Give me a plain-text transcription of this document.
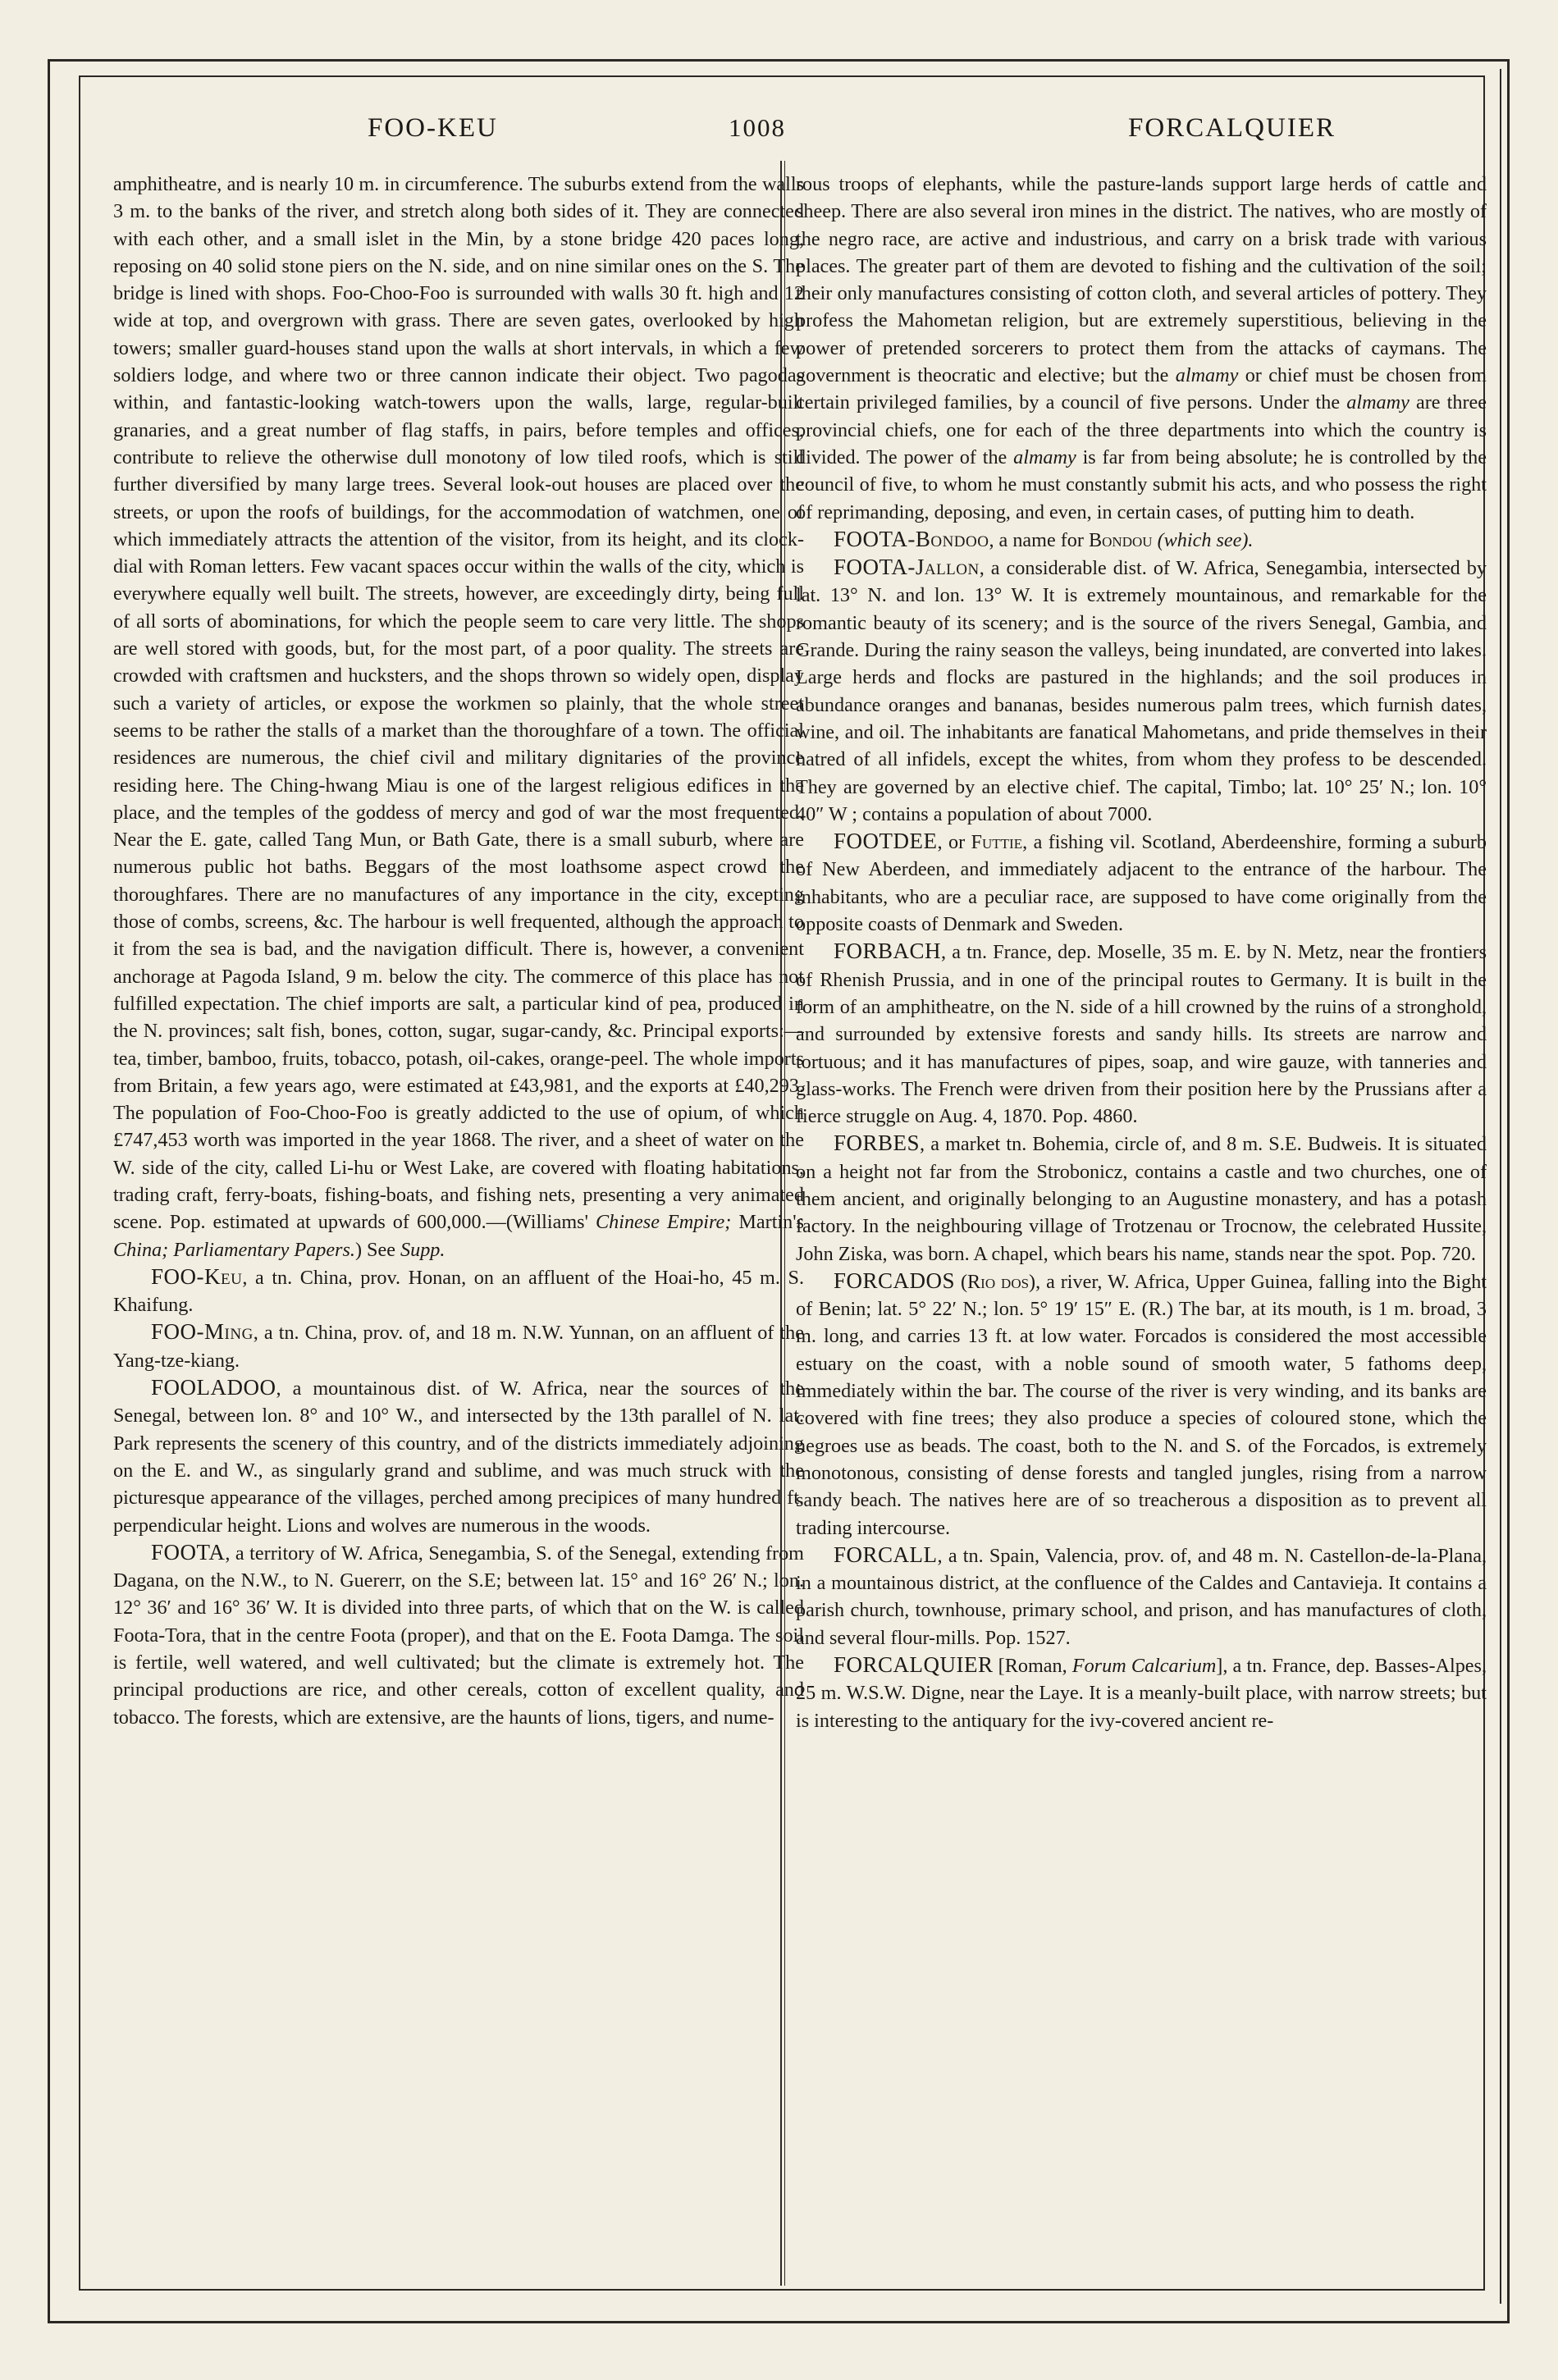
FOO-KEU	1008	FORCALQUIER

amphitheatre, and is nearly 10 m. in circumference. The suburbs extend from the walls 3 m. to the banks of the river, and stretch along both sides of it. They are connected with each other, and a small islet in the Min, by a stone bridge 420 paces long, reposing on 40 solid stone piers on the N. side, and on nine similar ones on the S. The bridge is lined with shops. Foo-Choo-Foo is surrounded with walls 30 ft. high and 12 wide at top, and overgrown with grass. There are seven gates, overlooked by high towers; smaller guard-houses stand upon the walls at short intervals, in which a few soldiers lodge, and where two or three cannon indicate their object. Two pagodas within, and fantastic-looking watch-towers upon the walls, large, regular-built granaries, and a great number of flag staffs, in pairs, before temples and offices, contribute to relieve the otherwise dull monotony of low tiled roofs, which is still further diversified by many large trees. Several look-out houses are placed over the streets, or upon the roofs of buildings, for the accommodation of watchmen, one of which immediately attracts the attention of the visitor, from its height, and its clock-dial with Roman letters. Few vacant spaces occur within the walls of the city, which is everywhere equally well built. The streets, however, are exceedingly dirty, being full of all sorts of abominations, for which the people seem to care very little. The shops are well stored with goods, but, for the most part, of a poor quality. The streets are crowded with craftsmen and hucksters, and the shops thrown so widely open, display such a variety of articles, or expose the workmen so plainly, that the whole street seems to be rather the stalls of a market than the thoroughfare of a town. The official residences are numerous, the chief civil and military dignitaries of the province residing here. The Ching-hwang Miau is one of the largest religious edifices in the place, and the temples of the goddess of mercy and god of war the most frequented. Near the E. gate, called Tang Mun, or Bath Gate, there is a small suburb, where are numerous public hot baths. Beggars of the most loathsome aspect crowd the thoroughfares. There are no manufactures of any importance in the city, excepting those of combs, screens, &c. The harbour is well frequented, although the approach to it from the sea is bad, and the navigation difficult. There is, however, a convenient anchorage at Pagoda Island, 9 m. below the city. The commerce of this place has not fulfilled expectation. The chief imports are salt, a particular kind of pea, produced in the N. provinces; salt fish, bones, cotton, sugar, sugar-candy, &c. Principal exports:—tea, timber, bamboo, fruits, tobacco, potash, oil-cakes, orange-peel. The whole imports from Britain, a few years ago, were estimated at £43,981, and the exports at £40,293. The population of Foo-Choo-Foo is greatly addicted to the use of opium, of which £747,453 worth was imported in the year 1868. The river, and a sheet of water on the W. side of the city, called Li-hu or West Lake, are covered with floating habitations, trading craft, ferry-boats, fishing-boats, and fishing nets, presenting a very animated scene. Pop. estimated at upwards of 600,000.—(Williams' Chinese Empire; Martin's China; Parliamentary Papers.) See Supp.

FOO-Keu, a tn. China, prov. Honan, on an affluent of the Hoai-ho, 45 m. S. Khaifung.

FOO-Ming, a tn. China, prov. of, and 18 m. N.W. Yunnan, on an affluent of the Yang-tze-kiang.

FOOLADOO, a mountainous dist. of W. Africa, near the sources of the Senegal, between lon. 8° and 10° W., and intersected by the 13th parallel of N. lat. Park represents the scenery of this country, and of the districts immediately adjoining on the E. and W., as singularly grand and sublime, and was much struck with the picturesque appearance of the villages, perched among precipices of many hundred ft. perpendicular height. Lions and wolves are numerous in the woods.

FOOTA, a territory of W. Africa, Senegambia, S. of the Senegal, extending from Dagana, on the N.W., to N. Guererr, on the S.E; between lat. 15° and 16° 26′ N.; lon. 12° 36′ and 16° 36′ W. It is divided into three parts, of which that on the W. is called Foota-Tora, that in the centre Foota (proper), and that on the E. Foota Damga. The soil is fertile, well watered, and well cultivated; but the climate is extremely hot. The principal productions are rice, and other cereals, cotton of excellent quality, and tobacco. The forests, which are extensive, are the haunts of lions, tigers, and nume-

rous troops of elephants, while the pasture-lands support large herds of cattle and sheep. There are also several iron mines in the district. The natives, who are mostly of the negro race, are active and industrious, and carry on a brisk trade with various places. The greater part of them are devoted to fishing and the cultivation of the soil; their only manufactures consisting of cotton cloth, and several articles of pottery. They profess the Mahometan religion, but are extremely superstitious, believing in the power of pretended sorcerers to protect them from the attacks of caymans. The government is theocratic and elective; but the almamy or chief must be chosen from certain privileged families, by a council of five persons. Under the almamy are three provincial chiefs, one for each of the three departments into which the country is divided. The power of the almamy is far from being absolute; he is controlled by the council of five, to whom he must constantly submit his acts, and who possess the right of reprimanding, deposing, and even, in certain cases, of putting him to death.

FOOTA-Bondoo, a name for Bondou (which see).

FOOTA-Jallon, a considerable dist. of W. Africa, Senegambia, intersected by lat. 13° N. and lon. 13° W. It is extremely mountainous, and remarkable for the romantic beauty of its scenery; and is the source of the rivers Senegal, Gambia, and Grande. During the rainy season the valleys, being inundated, are converted into lakes. Large herds and flocks are pastured in the highlands; and the soil produces in abundance oranges and bananas, besides numerous palm trees, which furnish dates, wine, and oil. The inhabitants are fanatical Mahometans, and pride themselves in their hatred of all infidels, except the whites, from whom they profess to be descended. They are governed by an elective chief. The capital, Timbo; lat. 10° 25′ N.; lon. 10° 40″ W ; contains a population of about 7000.

FOOTDEE, or Futtie, a fishing vil. Scotland, Aberdeenshire, forming a suburb of New Aberdeen, and immediately adjacent to the entrance of the harbour. The inhabitants, who are a peculiar race, are supposed to have come originally from the opposite coasts of Denmark and Sweden.

FORBACH, a tn. France, dep. Moselle, 35 m. E. by N. Metz, near the frontiers of Rhenish Prussia, and in one of the principal routes to Germany. It is built in the form of an amphitheatre, on the N. side of a hill crowned by the ruins of a stronghold, and surrounded by extensive forests and sandy hills. Its streets are narrow and tortuous; and it has manufactures of pipes, soap, and wire gauze, with tanneries and glass-works. The French were driven from their position here by the Prussians after a fierce struggle on Aug. 4, 1870. Pop. 4860.

FORBES, a market tn. Bohemia, circle of, and 8 m. S.E. Budweis. It is situated on a height not far from the Strobonicz, contains a castle and two churches, one of them ancient, and originally belonging to an Augustine monastery, and has a potash factory. In the neighbouring village of Trotzenau or Trocnow, the celebrated Hussite, John Ziska, was born. A chapel, which bears his name, stands near the spot. Pop. 720.

FORCADOS (Rio dos), a river, W. Africa, Upper Guinea, falling into the Bight of Benin; lat. 5° 22′ N.; lon. 5° 19′ 15″ E. (R.) The bar, at its mouth, is 1 m. broad, 3 m. long, and carries 13 ft. at low water. Forcados is considered the most accessible estuary on the coast, with a noble sound of smooth water, 5 fathoms deep, immediately within the bar. The course of the river is very winding, and its banks are covered with fine trees; they also produce a species of coloured stone, which the negroes use as beads. The coast, both to the N. and S. of the Forcados, is extremely monotonous, consisting of dense forests and tangled jungles, rising from a narrow sandy beach. The natives here are of so treacherous a disposition as to prevent all trading intercourse.

FORCALL, a tn. Spain, Valencia, prov. of, and 48 m. N. Castellon-de-la-Plana, in a mountainous district, at the confluence of the Caldes and Cantavieja. It contains a parish church, townhouse, primary school, and prison, and has manufactures of cloth, and several flour-mills. Pop. 1527.

FORCALQUIER [Roman, Forum Calcarium], a tn. France, dep. Basses-Alpes, 25 m. W.S.W. Digne, near the Laye. It is a meanly-built place, with narrow streets; but is interesting to the antiquary for the ivy-covered ancient re-
